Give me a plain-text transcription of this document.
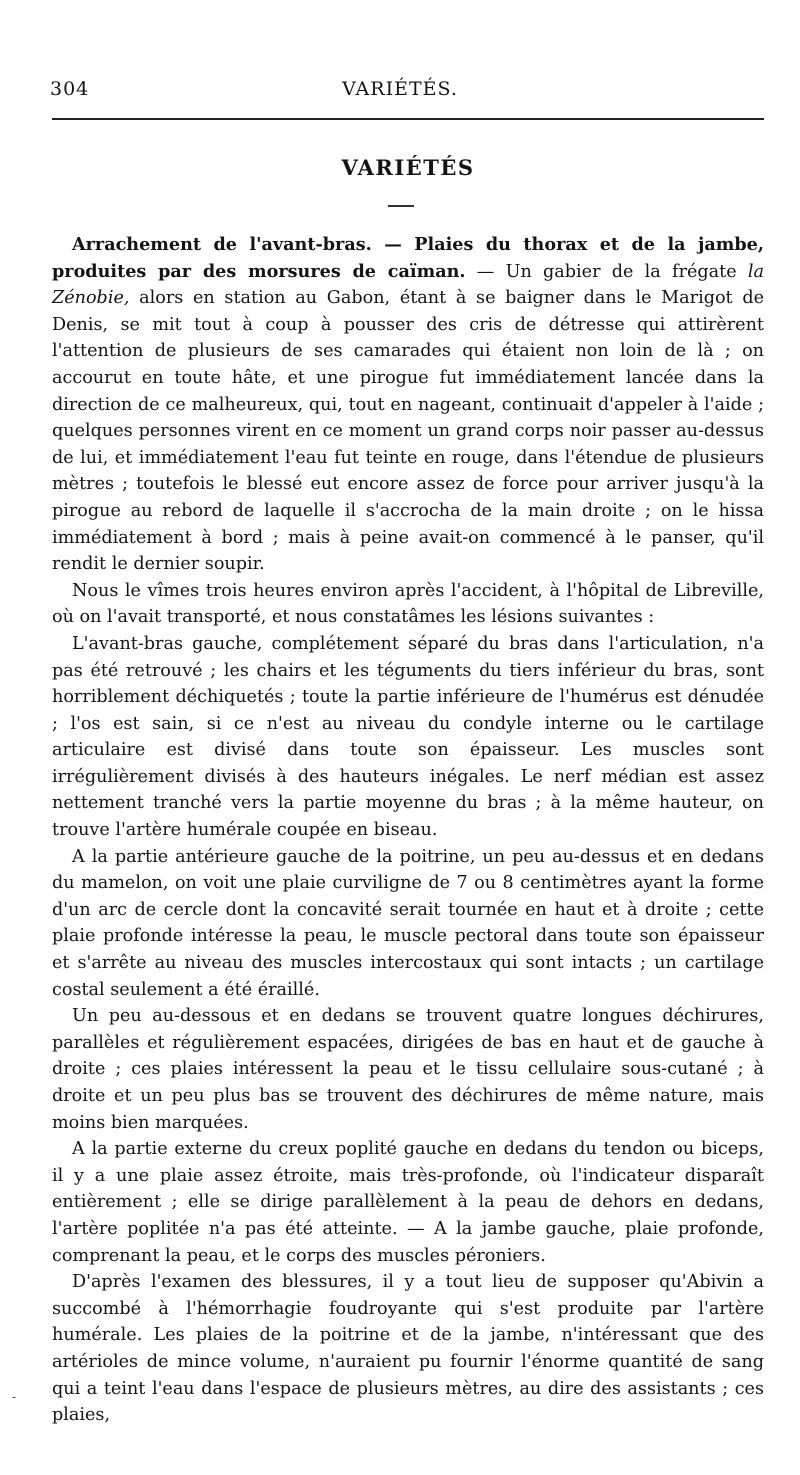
304	VARIÉTÉS.
VARIÉTÉS

Arrachement de l'avant-bras. — Plaies du thorax et de la jambe, produites par des morsures de caïman. — Un gabier de la frégate la Zénobie, alors en station au Gabon, étant à se baigner dans le Marigot de Denis, se mit tout à coup à pousser des cris de détresse qui attirèrent l'attention de plusieurs de ses camarades qui étaient non loin de là ; on accourut en toute hâte, et une pirogue fut immédiatement lancée dans la direction de ce malheureux, qui, tout en nageant, continuait d'appeler à l'aide ; quelques personnes virent en ce moment un grand corps noir passer au-dessus de lui, et immédiatement l'eau fut teinte en rouge, dans l'étendue de plusieurs mètres ; toutefois le blessé eut encore assez de force pour arriver jusqu'à la pirogue au rebord de laquelle il s'accrocha de la main droite ; on le hissa immédiatement à bord ; mais à peine avait-on commencé à le panser, qu'il rendit le dernier soupir.

Nous le vîmes trois heures environ après l'accident, à l'hôpital de Libreville, où on l'avait transporté, et nous constatâmes les lésions suivantes :

L'avant-bras gauche, complétement séparé du bras dans l'articulation, n'a pas été retrouvé ; les chairs et les téguments du tiers inférieur du bras, sont horriblement déchiquetés ; toute la partie inférieure de l'humérus est dénudée ; l'os est sain, si ce n'est au niveau du condyle interne ou le cartilage articulaire est divisé dans toute son épaisseur. Les muscles sont irrégulièrement divisés à des hauteurs inégales. Le nerf médian est assez nettement tranché vers la partie moyenne du bras ; à la même hauteur, on trouve l'artère humérale coupée en biseau.

A la partie antérieure gauche de la poitrine, un peu au-dessus et en dedans du mamelon, on voit une plaie curviligne de 7 ou 8 centimètres ayant la forme d'un arc de cercle dont la concavité serait tournée en haut et à droite ; cette plaie profonde intéresse la peau, le muscle pectoral dans toute son épaisseur et s'arrête au niveau des muscles intercostaux qui sont intacts ; un cartilage costal seulement a été éraillé.

Un peu au-dessous et en dedans se trouvent quatre longues déchirures, parallèles et régulièrement espacées, dirigées de bas en haut et de gauche à droite ; ces plaies intéressent la peau et le tissu cellulaire sous-cutané ; à droite et un peu plus bas se trouvent des déchirures de même nature, mais moins bien marquées.

A la partie externe du creux poplité gauche en dedans du tendon ou biceps, il y a une plaie assez étroite, mais très-profonde, où l'indicateur disparaît entièrement ; elle se dirige parallèlement à la peau de dehors en dedans, l'artère poplitée n'a pas été atteinte. — A la jambe gauche, plaie profonde, comprenant la peau, et le corps des muscles péroniers.

D'après l'examen des blessures, il y a tout lieu de supposer qu'Abivin a succombé à l'hémorrhagie foudroyante qui s'est produite par l'artère humérale. Les plaies de la poitrine et de la jambe, n'intéressant que des artérioles de mince volume, n'auraient pu fournir l'énorme quantité de sang qui a teint l'eau dans l'espace de plusieurs mètres, au dire des assistants ; ces plaies,

-
